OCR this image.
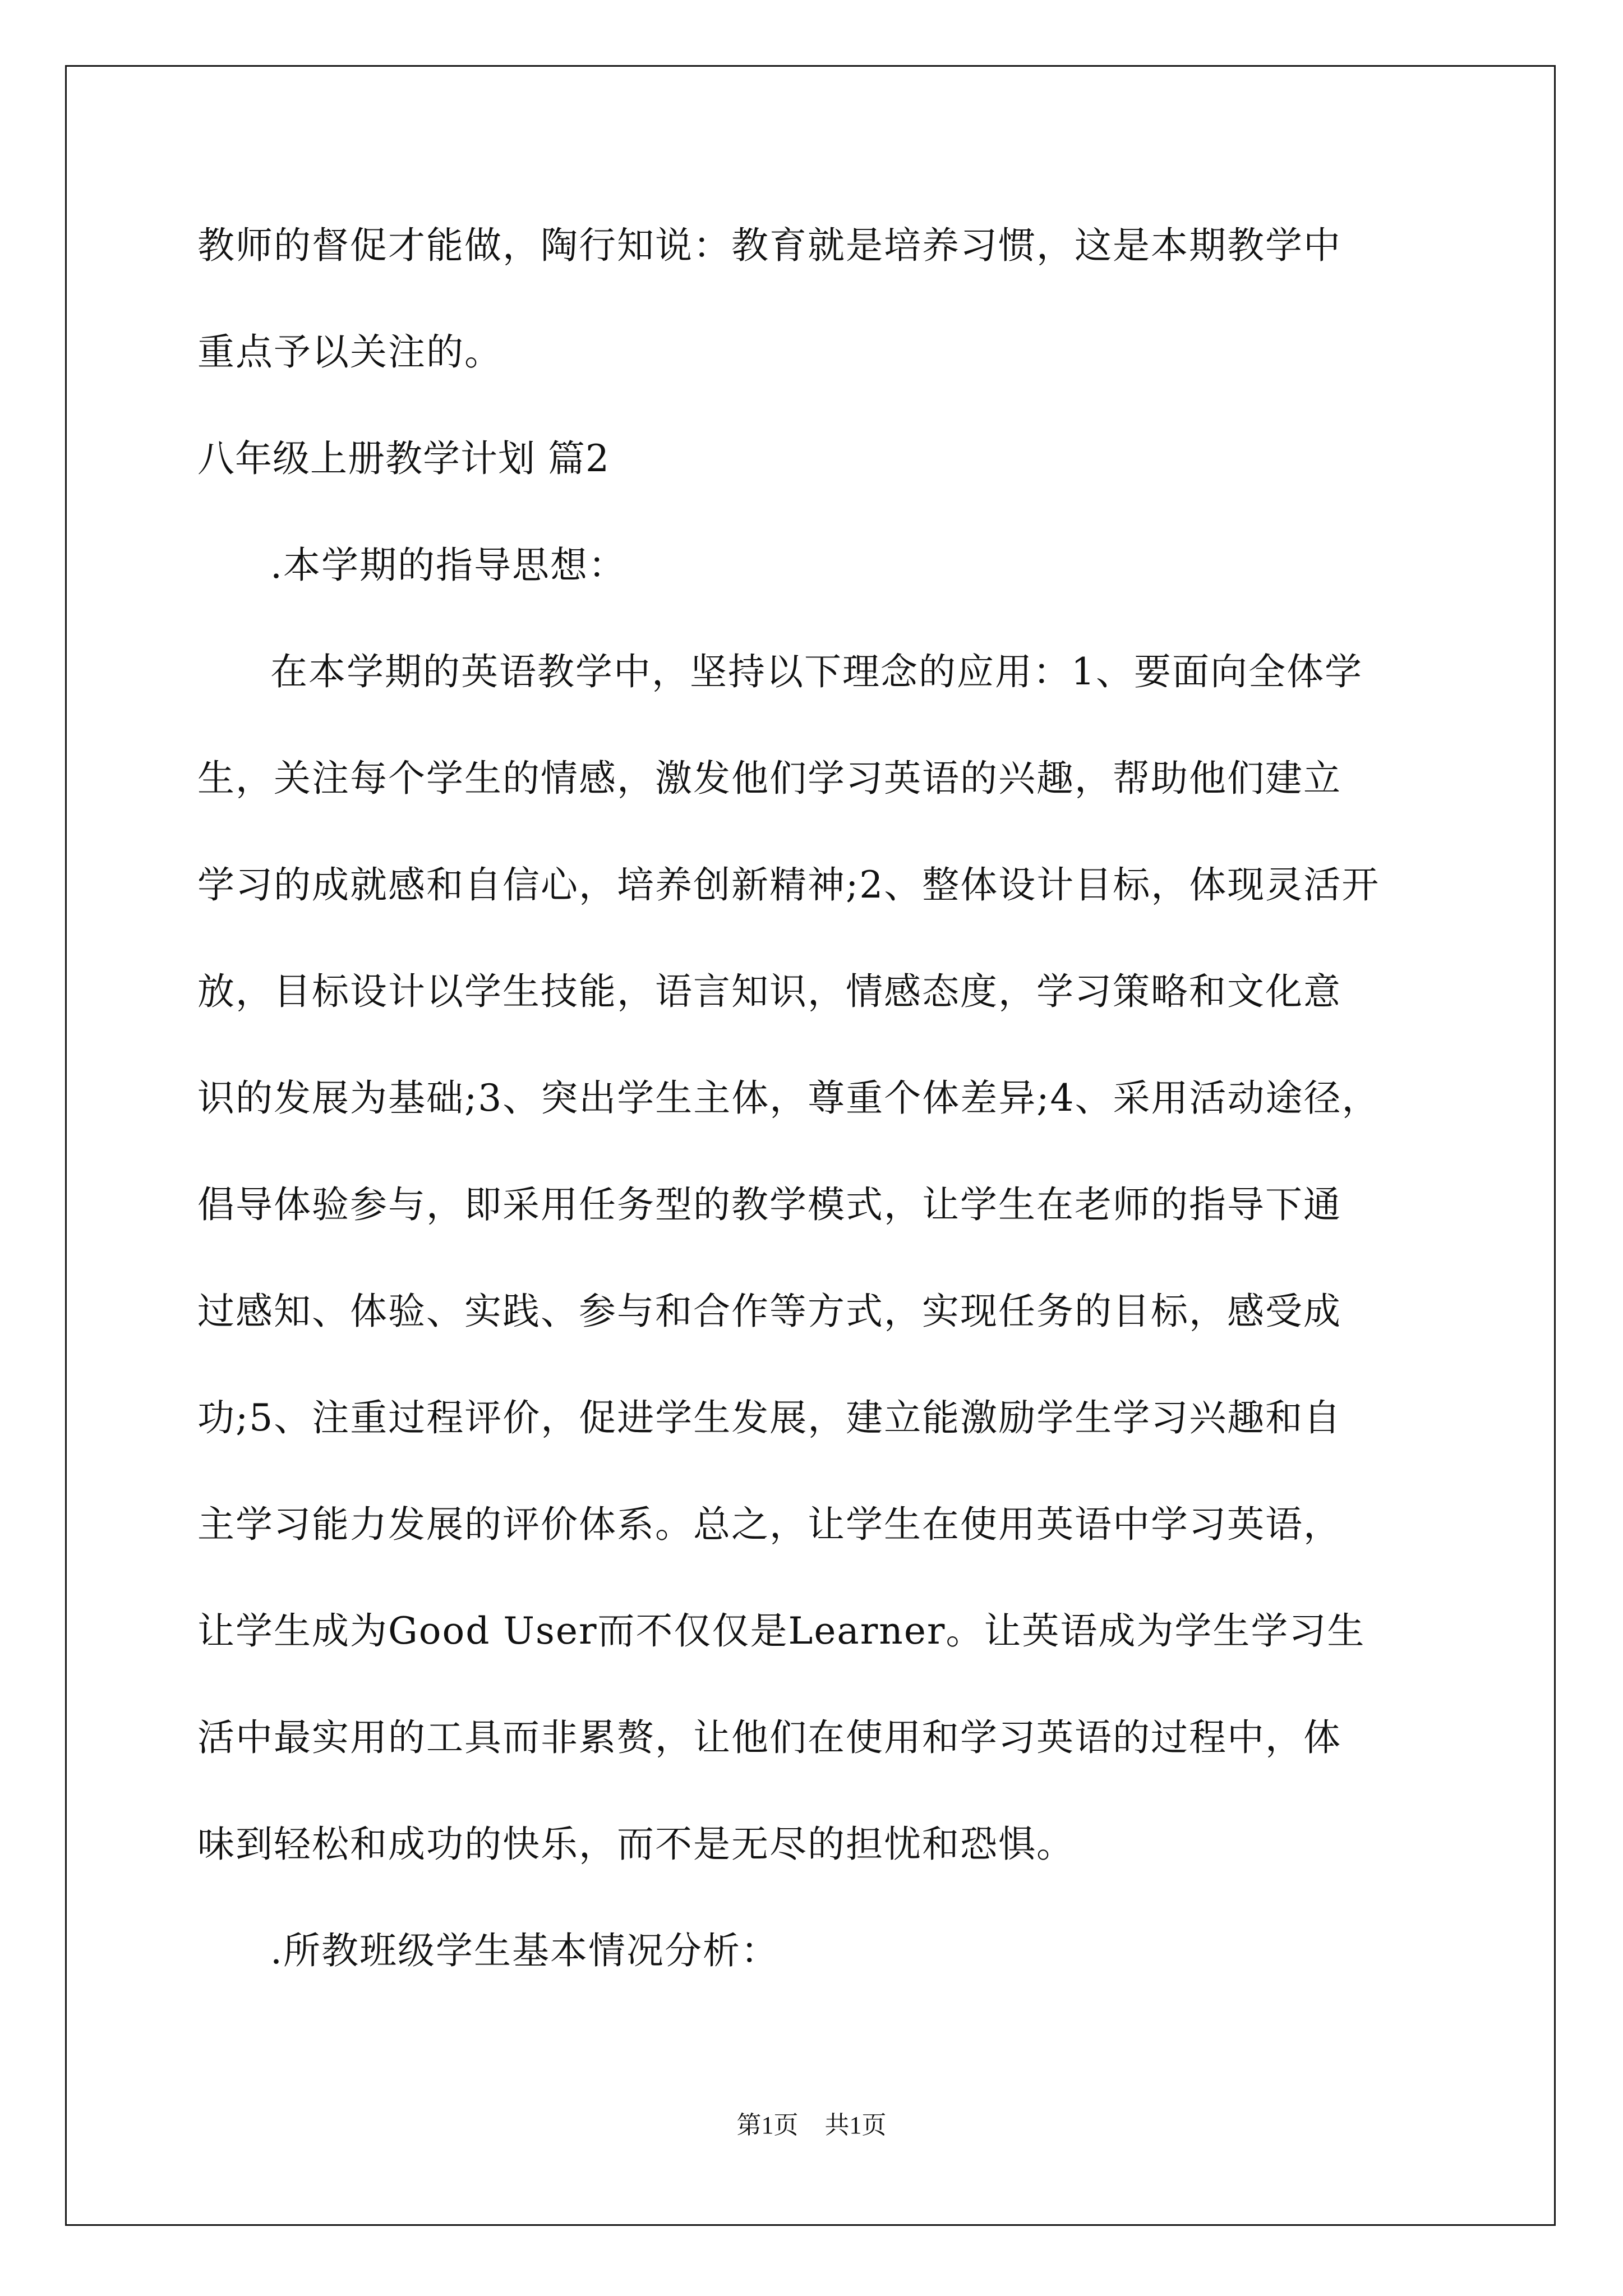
教师的督促才能做，陶行知说：教育就是培养习惯，这是本期教学中
重点予以关注的。
八年级上册教学计划 篇2
.本学期的指导思想：
在本学期的英语教学中，坚持以下理念的应用：1、要面向全体学
生，关注每个学生的情感，激发他们学习英语的兴趣，帮助他们建立
学习的成就感和自信心，培养创新精神;2、整体设计目标，体现灵活开
放，目标设计以学生技能，语言知识，情感态度，学习策略和文化意
识的发展为基础;3、突出学生主体，尊重个体差异;4、采用活动途径，
倡导体验参与，即采用任务型的教学模式，让学生在老师的指导下通
过感知、体验、实践、参与和合作等方式，实现任务的目标，感受成
功;5、注重过程评价，促进学生发展，建立能激励学生学习兴趣和自
主学习能力发展的评价体系。总之，让学生在使用英语中学习英语，
让学生成为Good User而不仅仅是Learner。让英语成为学生学习生
活中最实用的工具而非累赘，让他们在使用和学习英语的过程中，体
味到轻松和成功的快乐，而不是无尽的担忧和恐惧。
.所教班级学生基本情况分析：
第1页 共1页
